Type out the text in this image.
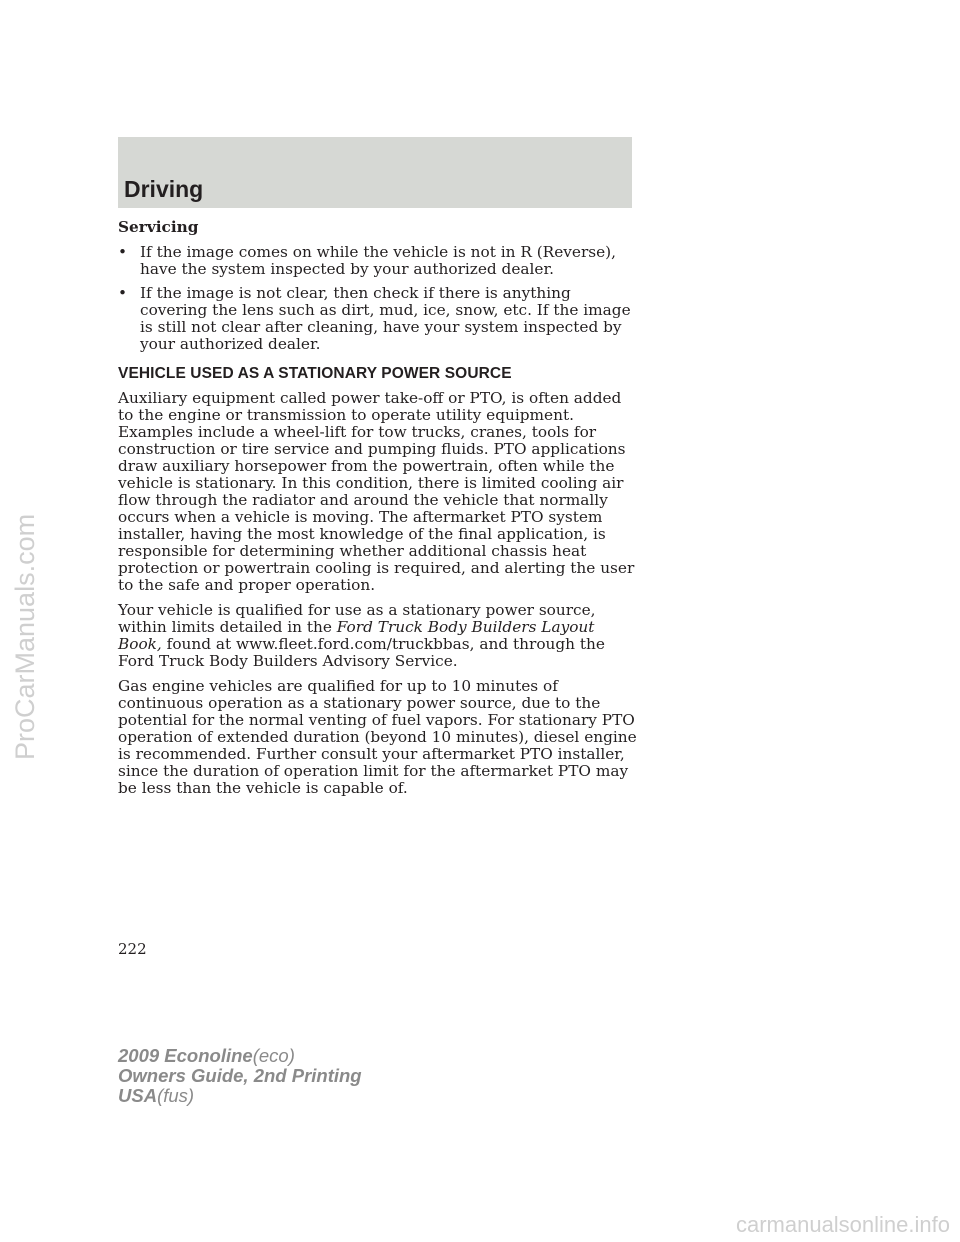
Driving

Servicing

• If the image comes on while the vehicle is not in R (Reverse), have the system inspected by your authorized dealer.
• If the image is not clear, then check if there is anything covering the lens such as dirt, mud, ice, snow, etc. If the image is still not clear after cleaning, have your system inspected by your authorized dealer.
VEHICLE USED AS A STATIONARY POWER SOURCE

Auxiliary equipment called power take-off or PTO, is often added to the engine or transmission to operate utility equipment. Examples include a wheel-lift for tow trucks, cranes, tools for construction or tire service and pumping fluids. PTO applications draw auxiliary horsepower from the powertrain, often while the vehicle is stationary. In this condition, there is limited cooling air flow through the radiator and around the vehicle that normally occurs when a vehicle is moving. The aftermarket PTO system installer, having the most knowledge of the final application, is responsible for determining whether additional chassis heat protection or powertrain cooling is required, and alerting the user to the safe and proper operation.

Your vehicle is qualified for use as a stationary power source, within limits detailed in the Ford Truck Body Builders Layout Book, found at www.fleet.ford.com/truckbbas, and through the Ford Truck Body Builders Advisory Service.

Gas engine vehicles are qualified for up to 10 minutes of continuous operation as a stationary power source, due to the potential for the normal venting of fuel vapors. For stationary PTO operation of extended duration (beyond 10 minutes), diesel engine is recommended. Further consult your aftermarket PTO installer, since the duration of operation limit for the aftermarket PTO may be less than the vehicle is capable of.

222
2009 Econoline(eco)
Owners Guide, 2nd Printing
USA(fus)
ProCarManuals.com
carmanualsonline.info
